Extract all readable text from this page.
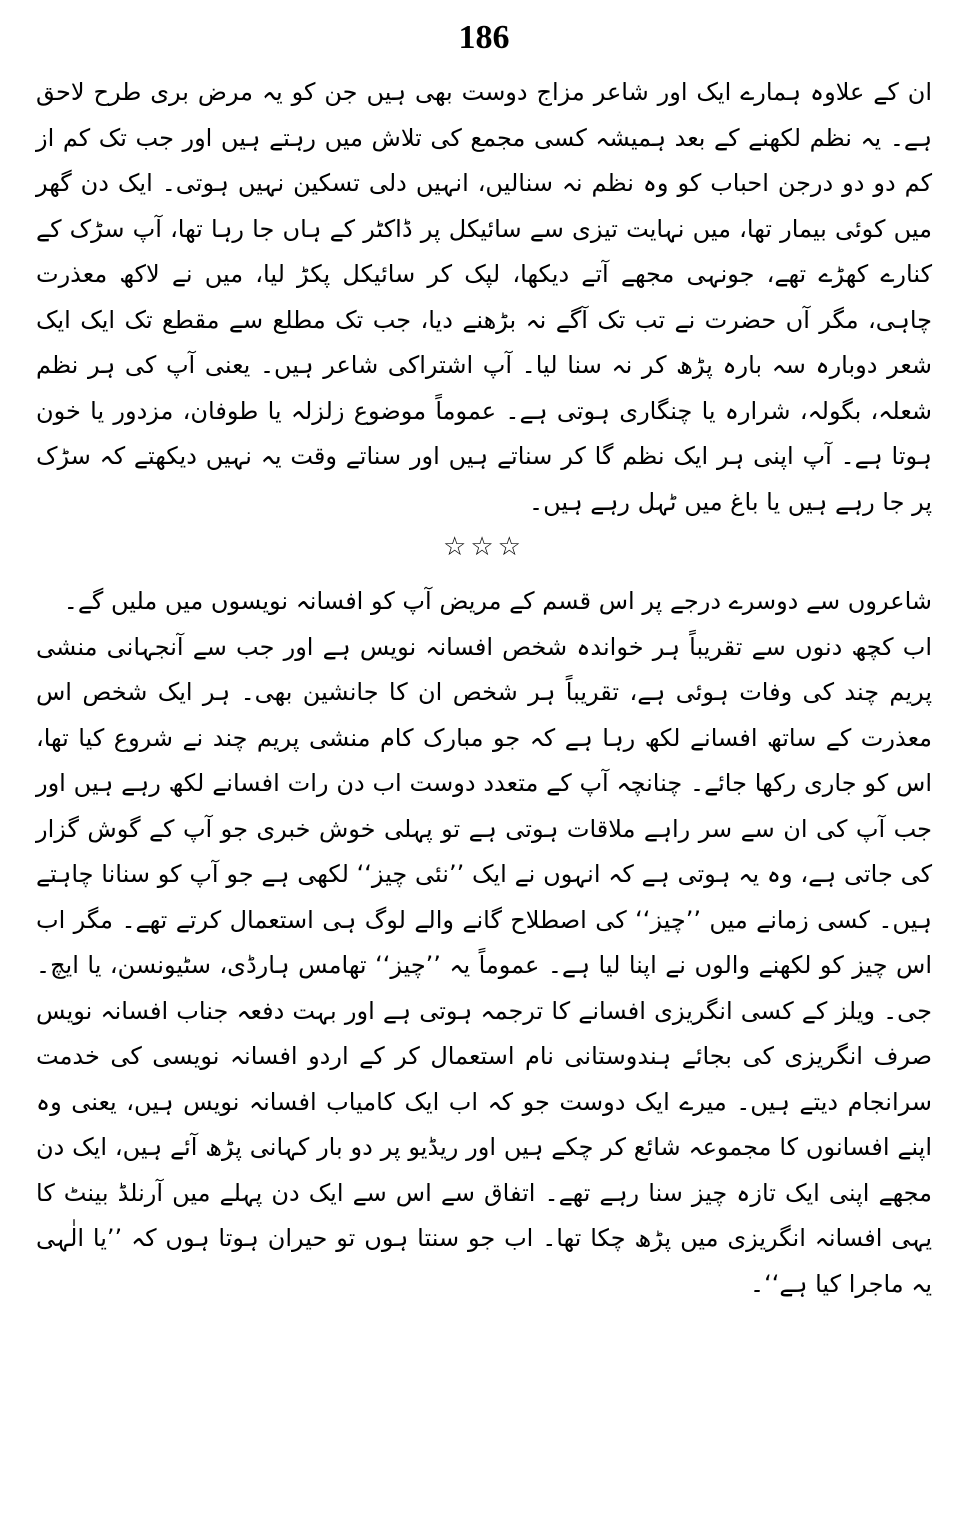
186

ان کے علاوہ ہمارے ایک اور شاعر مزاج دوست بھی ہیں جن کو یہ مرض بری طرح لاحق ہے۔ یہ نظم لکھنے کے بعد ہمیشہ کسی مجمع کی تلاش میں رہتے ہیں اور جب تک کم از کم دو دو درجن احباب کو وہ نظم نہ سنالیں، انہیں دلی تسکین نہیں ہوتی۔ ایک دن گھر میں کوئی بیمار تھا، میں نہایت تیزی سے سائیکل پر ڈاکٹر کے ہاں جا رہا تھا، آپ سڑک کے کنارے کھڑے تھے، جونہی مجھے آتے دیکھا، لپک کر سائیکل پکڑ لیا، میں نے لاکھ معذرت چاہی، مگر آں حضرت نے تب تک آگے نہ بڑھنے دیا، جب تک مطلع سے مقطع تک ایک ایک شعر دوبارہ سہ بارہ پڑھ کر نہ سنا لیا۔ آپ اشتراکی شاعر ہیں۔ یعنی آپ کی ہر نظم شعلہ، بگولہ، شرارہ یا چنگاری ہوتی ہے۔ عموماً موضوع زلزلہ یا طوفان، مزدور یا خون ہوتا ہے۔ آپ اپنی ہر ایک نظم گا کر سناتے ہیں اور سناتے وقت یہ نہیں دیکھتے کہ سڑک پر جا رہے ہیں یا باغ میں ٹہل رہے ہیں۔

☆☆☆

شاعروں سے دوسرے درجے پر اس قسم کے مریض آپ کو افسانہ نویسوں میں ملیں گے۔

اب کچھ دنوں سے تقریباً ہر خواندہ شخص افسانہ نویس ہے اور جب سے آنجہانی منشی پریم چند کی وفات ہوئی ہے، تقریباً ہر شخص ان کا جانشین بھی۔ ہر ایک شخص اس معذرت کے ساتھ افسانے لکھ رہا ہے کہ جو مبارک کام منشی پریم چند نے شروع کیا تھا، اس کو جاری رکھا جائے۔ چنانچہ آپ کے متعدد دوست اب دن رات افسانے لکھ رہے ہیں اور جب آپ کی ان سے سر راہے ملاقات ہوتی ہے تو پہلی خوش خبری جو آپ کے گوش گزار کی جاتی ہے، وہ یہ ہوتی ہے کہ انہوں نے ایک ’’نئی چیز‘‘ لکھی ہے جو آپ کو سنانا چاہتے ہیں۔ کسی زمانے میں ’’چیز‘‘ کی اصطلاح گانے والے لوگ ہی استعمال کرتے تھے۔ مگر اب اس چیز کو لکھنے والوں نے اپنا لیا ہے۔ عموماً یہ ’’چیز‘‘ تھامس ہارڈی، سٹیونسن، یا ایچ۔ جی۔ ویلز کے کسی انگریزی افسانے کا ترجمہ ہوتی ہے اور بہت دفعہ جناب افسانہ نویس صرف انگریزی کی بجائے ہندوستانی نام استعمال کر کے اردو افسانہ نویسی کی خدمت سرانجام دیتے ہیں۔ میرے ایک دوست جو کہ اب ایک کامیاب افسانہ نویس ہیں، یعنی وہ اپنے افسانوں کا مجموعہ شائع کر چکے ہیں اور ریڈیو پر دو بار کہانی پڑھ آئے ہیں، ایک دن مجھے اپنی ایک تازہ چیز سنا رہے تھے۔ اتفاق سے اس سے ایک دن پہلے میں آرنلڈ بینٹ کا یہی افسانہ انگریزی میں پڑھ چکا تھا۔ اب جو سنتا ہوں تو حیران ہوتا ہوں کہ ’’یا الٰہی یہ ماجرا کیا ہے‘‘۔
